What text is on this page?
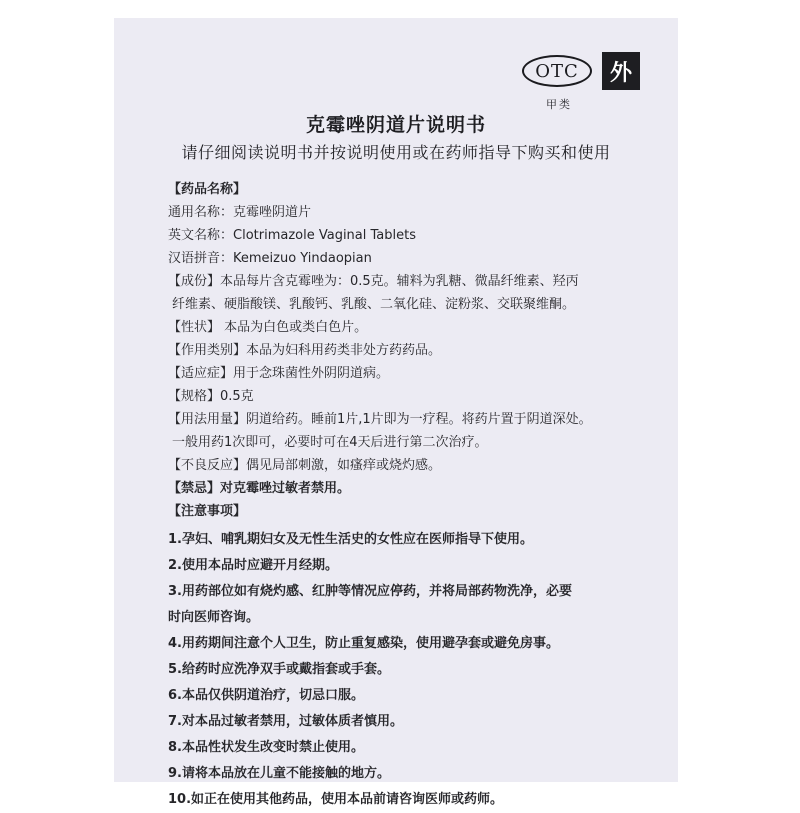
OTC	外
甲类
克霉唑阴道片说明书
请仔细阅读说明书并按说明使用或在药师指导下购买和使用
【药品名称】
通用名称：克霉唑阴道片
英文名称：Clotrimazole Vaginal Tablets
汉语拼音：Kemeizuo Yindaopian
【成份】本品每片含克霉唑为：0.5克。辅料为乳糖、微晶纤维素、羟丙
纤维素、硬脂酸镁、乳酸钙、乳酸、二氧化硅、淀粉浆、交联聚维酮。
【性状】 本品为白色或类白色片。
【作用类别】本品为妇科用药类非处方药药品。
【适应症】用于念珠菌性外阴阴道病。
【规格】0.5克
【用法用量】阴道给药。睡前1片,1片即为一疗程。将药片置于阴道深处。
一般用药1次即可，必要时可在4天后进行第二次治疗。
【不良反应】偶见局部刺激，如瘙痒或烧灼感。
【禁忌】对克霉唑过敏者禁用。
【注意事项】
1.孕妇、哺乳期妇女及无性生活史的女性应在医师指导下使用。
2.使用本品时应避开月经期。
3.用药部位如有烧灼感、红肿等情况应停药，并将局部药物洗净，必要
时向医师咨询。
4.用药期间注意个人卫生，防止重复感染，使用避孕套或避免房事。
5.给药时应洗净双手或戴指套或手套。
6.本品仅供阴道治疗，切忌口服。
7.对本品过敏者禁用，过敏体质者慎用。
8.本品性状发生改变时禁止使用。
9.请将本品放在儿童不能接触的地方。
10.如正在使用其他药品，使用本品前请咨询医师或药师。
